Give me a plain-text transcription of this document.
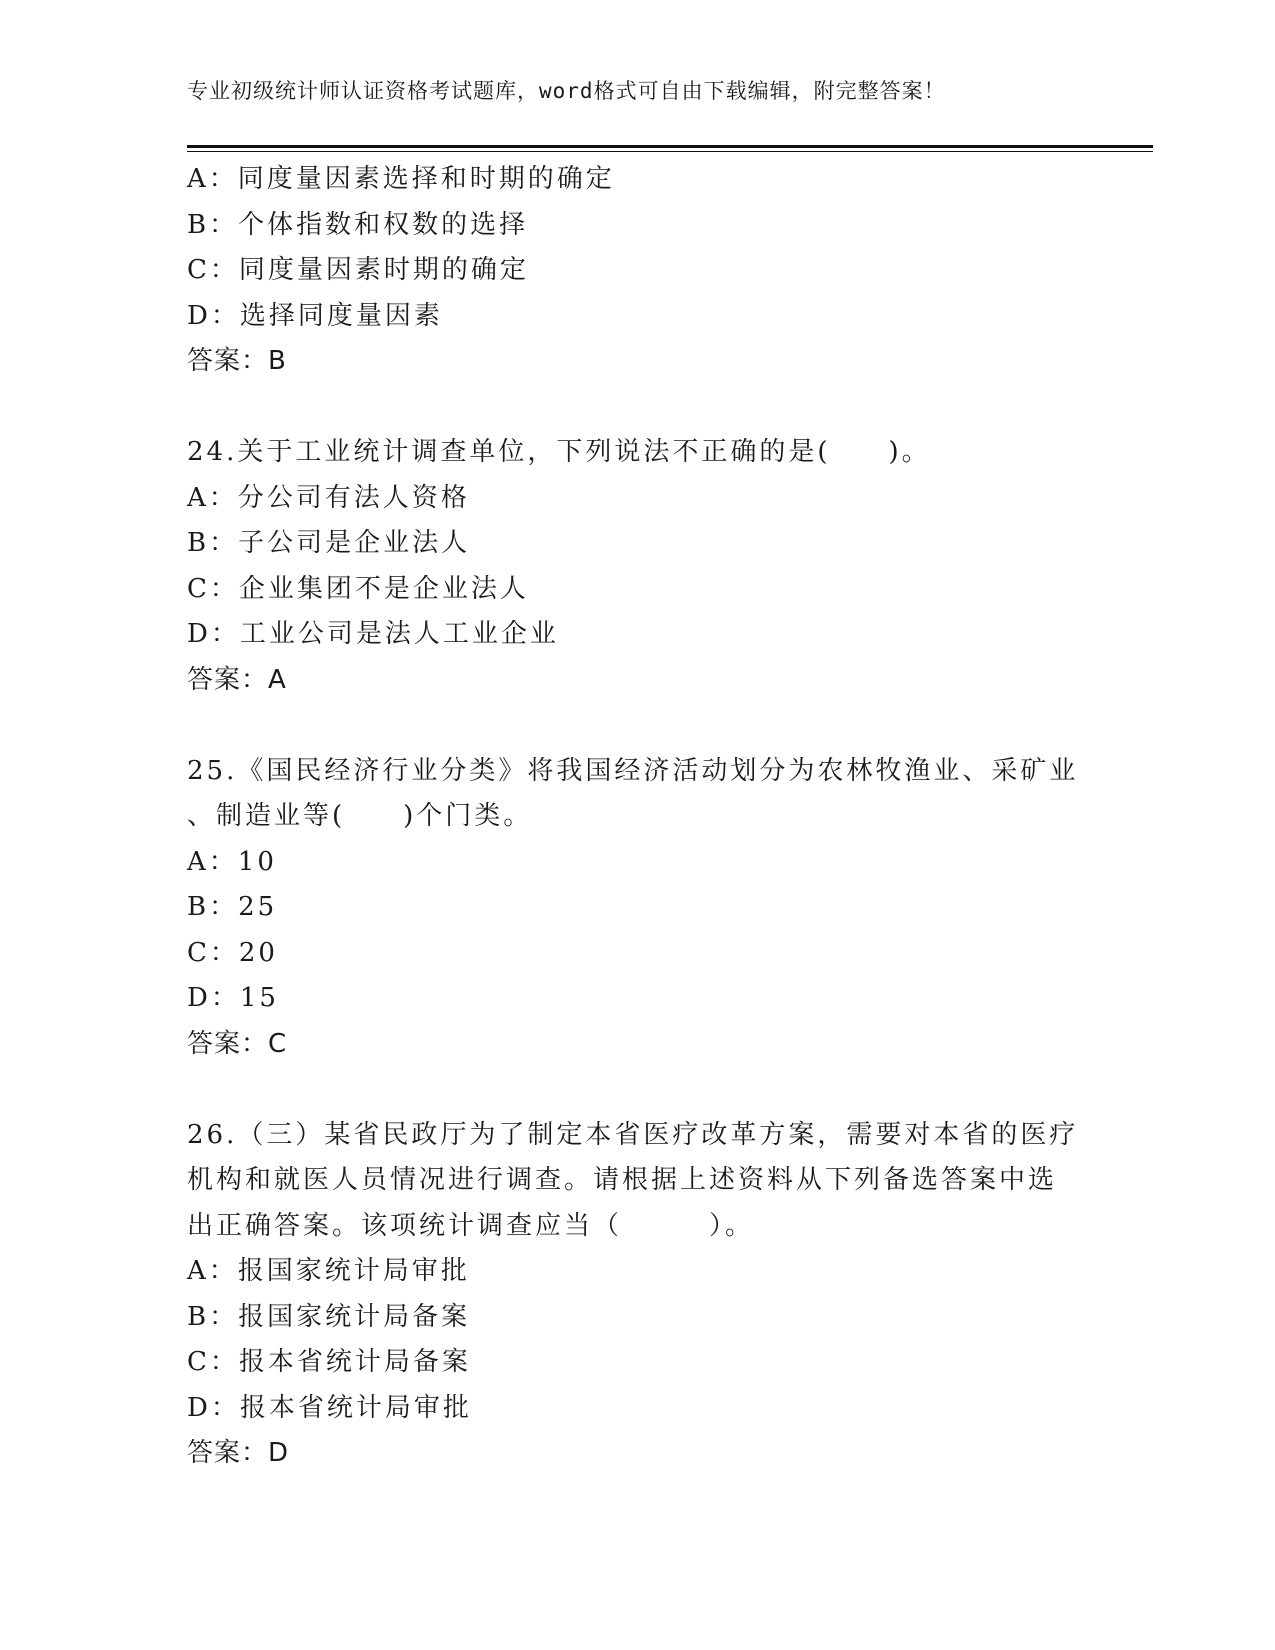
专业初级统计师认证资格考试题库，word格式可自由下载编辑，附完整答案！
A：同度量因素选择和时期的确定
B：个体指数和权数的选择
C：同度量因素时期的确定
D：选择同度量因素
答案：B
24.关于工业统计调查单位，下列说法不正确的是(　　)。
A：分公司有法人资格
B：子公司是企业法人
C：企业集团不是企业法人
D：工业公司是法人工业企业
答案：A
25.《国民经济行业分类》将我国经济活动划分为农林牧渔业、采矿业
、制造业等(　　)个门类。
A：10
B：25
C：20
D：15
答案：C
26.（三）某省民政厅为了制定本省医疗改革方案，需要对本省的医疗
机构和就医人员情况进行调查。请根据上述资料从下列备选答案中选
出正确答案。该项统计调查应当（　　　）。
A：报国家统计局审批
B：报国家统计局备案
C：报本省统计局备案
D：报本省统计局审批
答案：D
